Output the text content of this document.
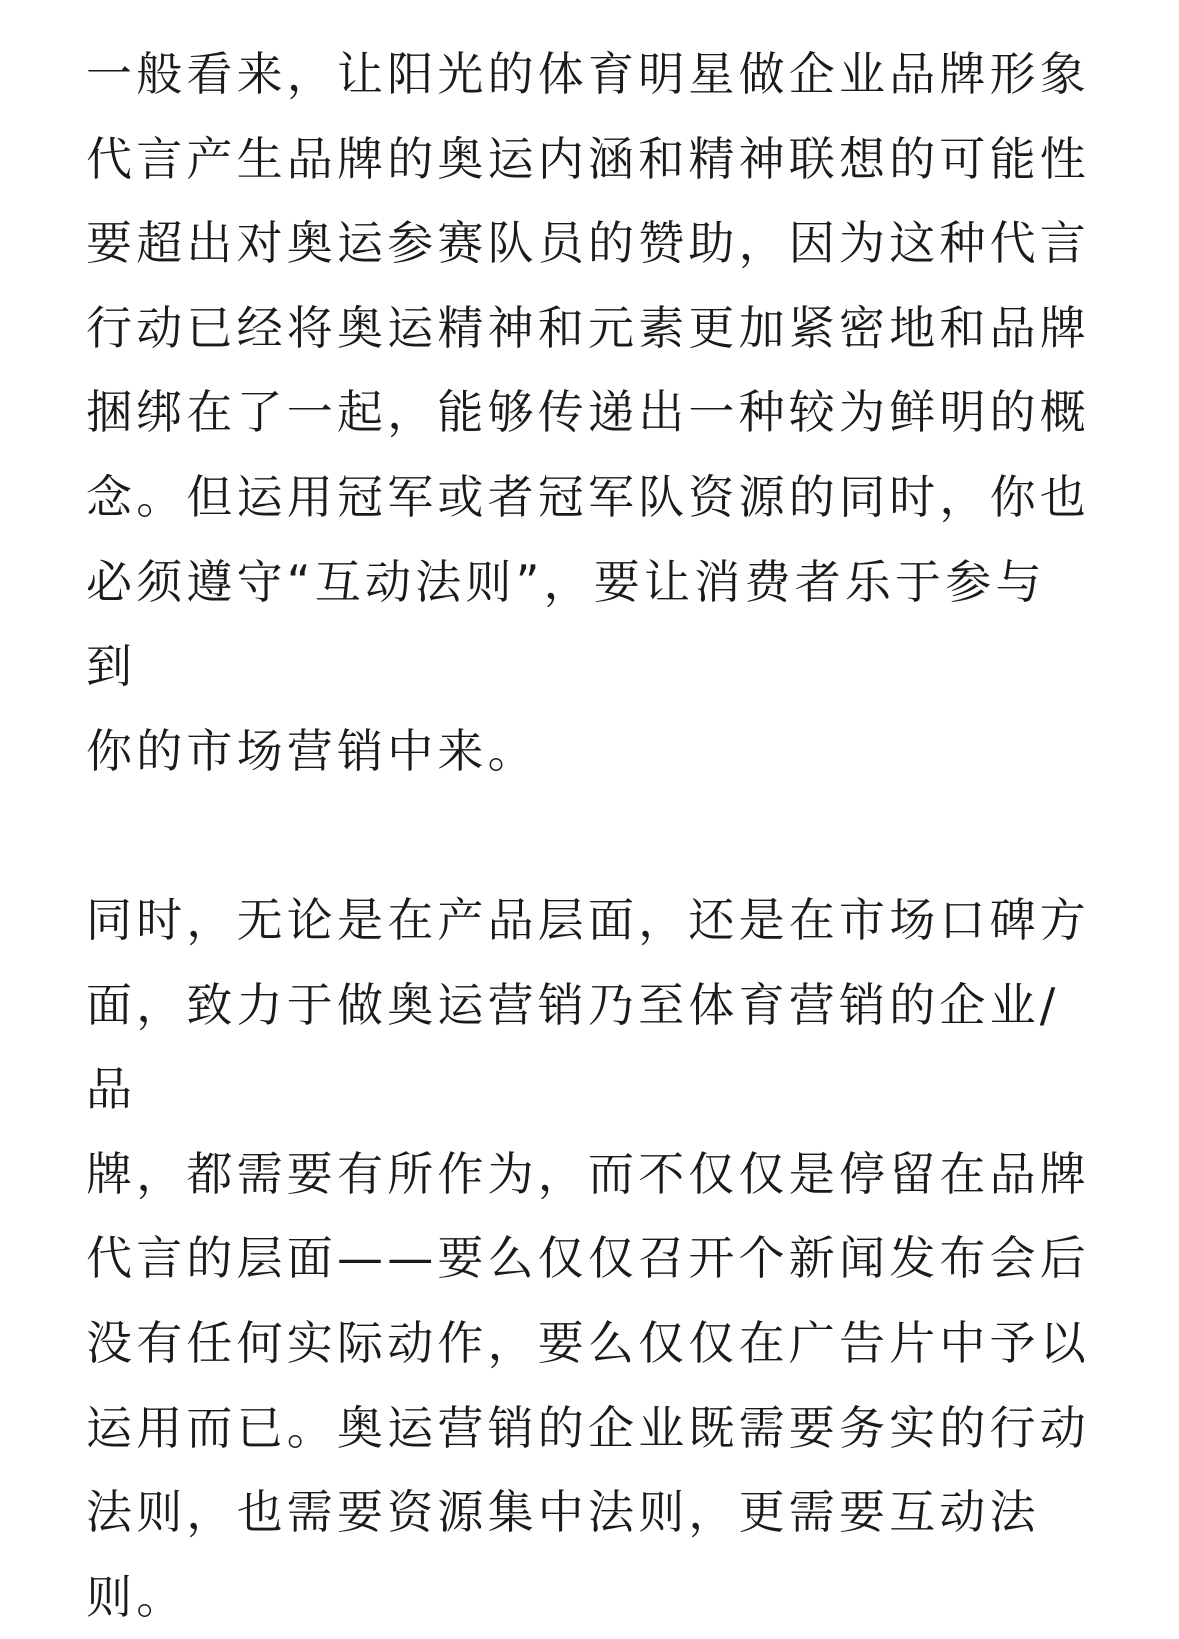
一般看来，让阳光的体育明星做企业品牌形象
代言产生品牌的奥运内涵和精神联想的可能性
要超出对奥运参赛队员的赞助，因为这种代言
行动已经将奥运精神和元素更加紧密地和品牌
捆绑在了一起，能够传递出一种较为鲜明的概
念。但运用冠军或者冠军队资源的同时，你也
必须遵守“互动法则”，要让消费者乐于参与到
你的市场营销中来。

同时，无论是在产品层面，还是在市场口碑方
面，致力于做奥运营销乃至体育营销的企业/品
牌，都需要有所作为，而不仅仅是停留在品牌
代言的层面——要么仅仅召开个新闻发布会后
没有任何实际动作，要么仅仅在广告片中予以
运用而已。奥运营销的企业既需要务实的行动
法则，也需要资源集中法则，更需要互动法
则。
